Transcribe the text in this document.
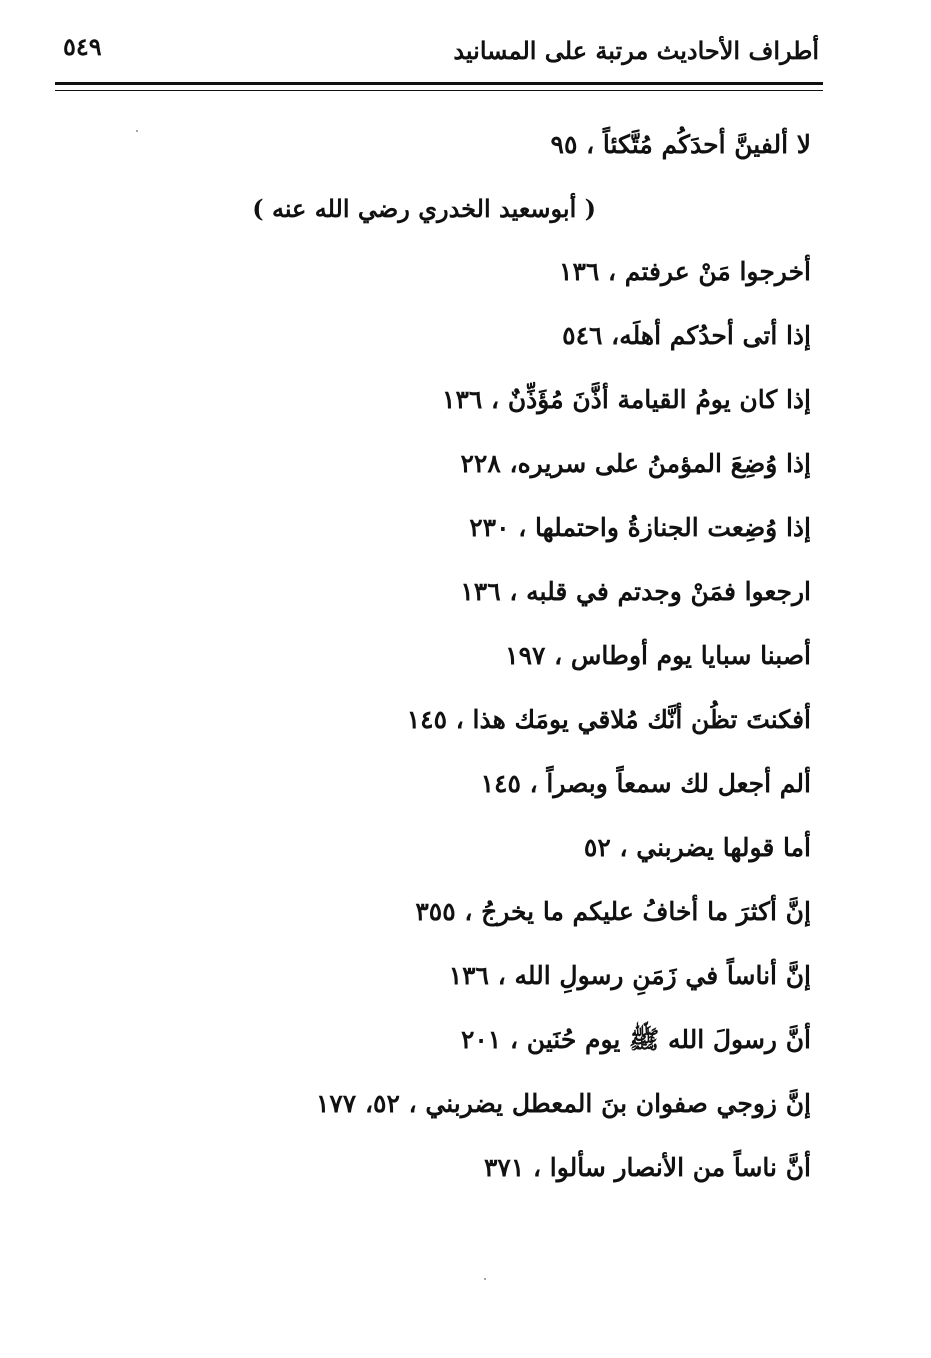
٥٤٩	أطراف الأحاديث مرتبة على المسانيد
لا ألفينَّ أحدَكُم مُتَّكئاً ، ٩٥
( أبوسعيد الخدري رضي الله عنه )
أخرجوا مَنْ عرفتم ، ١٣٦
إذا أتى أحدُكم أهلَه، ٥٤٦
إذا كان يومُ القيامة أذَّنَ مُؤَذِّنٌ ، ١٣٦
إذا وُضِعَ المؤمنُ على سريره، ٢٢٨
إذا وُضِعت الجنازةُ واحتملها ، ٢٣٠
ارجعوا فمَنْ وجدتم في قلبه ، ١٣٦
أصبنا سبايا يوم أوطاس ، ١٩٧
أفكنتَ تظُن أنَّك مُلاقي يومَك هذا ، ١٤٥
ألم أجعل لك سمعاً وبصراً ، ١٤٥
أما قولها يضربني ، ٥٢
إنَّ أكثرَ ما أخافُ عليكم ما يخرجُ ، ٣٥٥
إنَّ أناساً في زَمَنِ رسولِ الله ، ١٣٦
أنَّ رسولَ الله ﷺ يوم حُنَين ، ٢٠١
إنَّ زوجي صفوان بنَ المعطل يضربني ، ٥٢، ١٧٧
أنَّ ناساً من الأنصار سألوا ، ٣٧١
